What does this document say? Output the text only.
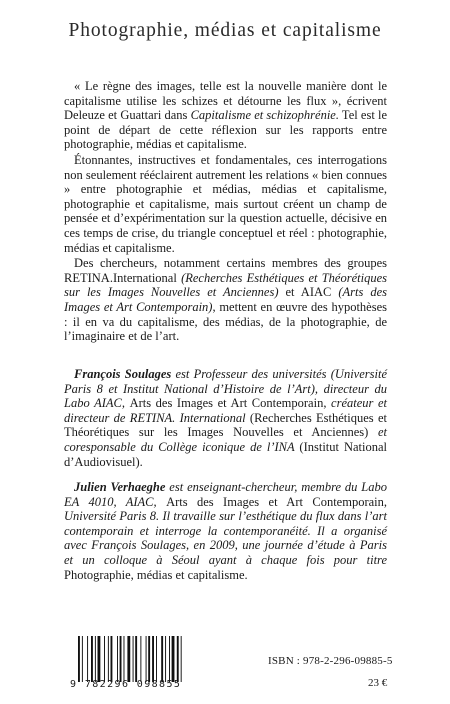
Photographie, médias et capitalisme

« Le règne des images, telle est la nouvelle manière dont le capitalisme utilise les schizes et détourne les flux », écrivent Deleuze et Guattari dans Capitalisme et schizophrénie. Tel est le point de départ de cette réflexion sur les rapports entre photographie, médias et capitalisme.

Étonnantes, instructives et fondamentales, ces interrogations non seulement rééclairent autrement les relations « bien connues » entre photographie et médias, médias et capitalisme, photographie et capitalisme, mais surtout créent un champ de pensée et d’expérimentation sur la question actuelle, décisive en ces temps de crise, du triangle conceptuel et réel : photographie, médias et capitalisme.

Des chercheurs, notamment certains membres des groupes RETINA.International (Recherches Esthétiques et Théorétiques sur les Images Nouvelles et Anciennes) et AIAC (Arts des Images et Art Contemporain), mettent en œuvre des hypothèses : il en va du capitalisme, des médias, de la photographie, de l’imaginaire et de l’art.

François Soulages est Professeur des universités (Université Paris 8 et Institut National d’Histoire de l’Art), directeur du Labo AIAC, Arts des Images et Art Contemporain, créateur et directeur de RETINA. International (Recherches Esthétiques et Théorétiques sur les Images Nouvelles et Anciennes) et coresponsable du Collège iconique de l’INA (Institut National d’Audiovisuel).

Julien Verhaeghe est enseignant-chercheur, membre du Labo EA 4010, AIAC, Arts des Images et Art Contemporain, Université Paris 8. Il travaille sur l’esthétique du flux dans l’art contemporain et interroge la contemporanéité. Il a organisé avec François Soulages, en 2009, une journée d’étude à Paris et un colloque à Séoul ayant à chaque fois pour titre Photographie, médias et capitalisme.

9 782296 098855
ISBN : 978-2-296-09885-5
23 €
